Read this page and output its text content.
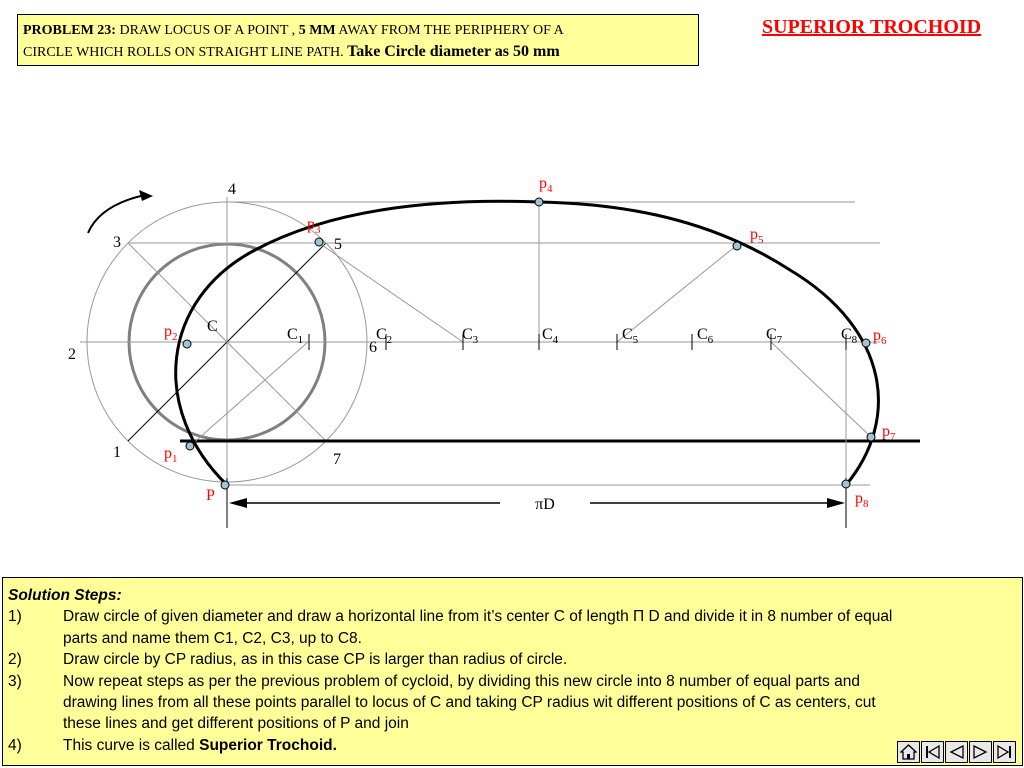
PROBLEM 23: DRAW LOCUS OF A POINT , 5 MM AWAY FROM THE PERIPHERY OF A
CIRCLE WHICH ROLLS ON STRAIGHT LINE PATH. Take Circle diameter as 50 mm
SUPERIOR TROCHOID
πD
1
2
3
4
5
6
7
C
P
$C_1$	$C_2$	$C_3$	$C_4$	$C_5$	$C_6$	$C_7$	$C_8$
$p_1$
$p_2$
$p_3$
$p_4$
$p_5$
$p_6$
$p_7$
$p_8$
Solution Steps:
1)	Draw circle of given diameter and draw a horizontal line from it’s center C of length Π D and divide it in 8 number of equal parts and name them C1, C2, C3, up to C8.
2)	Draw circle by CP radius, as in this case CP is larger than radius of circle.
3)	Now repeat steps as per the previous problem of cycloid, by dividing this new circle into 8 number of equal parts and drawing lines from all these points parallel to locus of C and taking CP radius wit different positions of C as centers, cut these lines and get different positions of P and join
4)	This curve is called Superior Trochoid.
